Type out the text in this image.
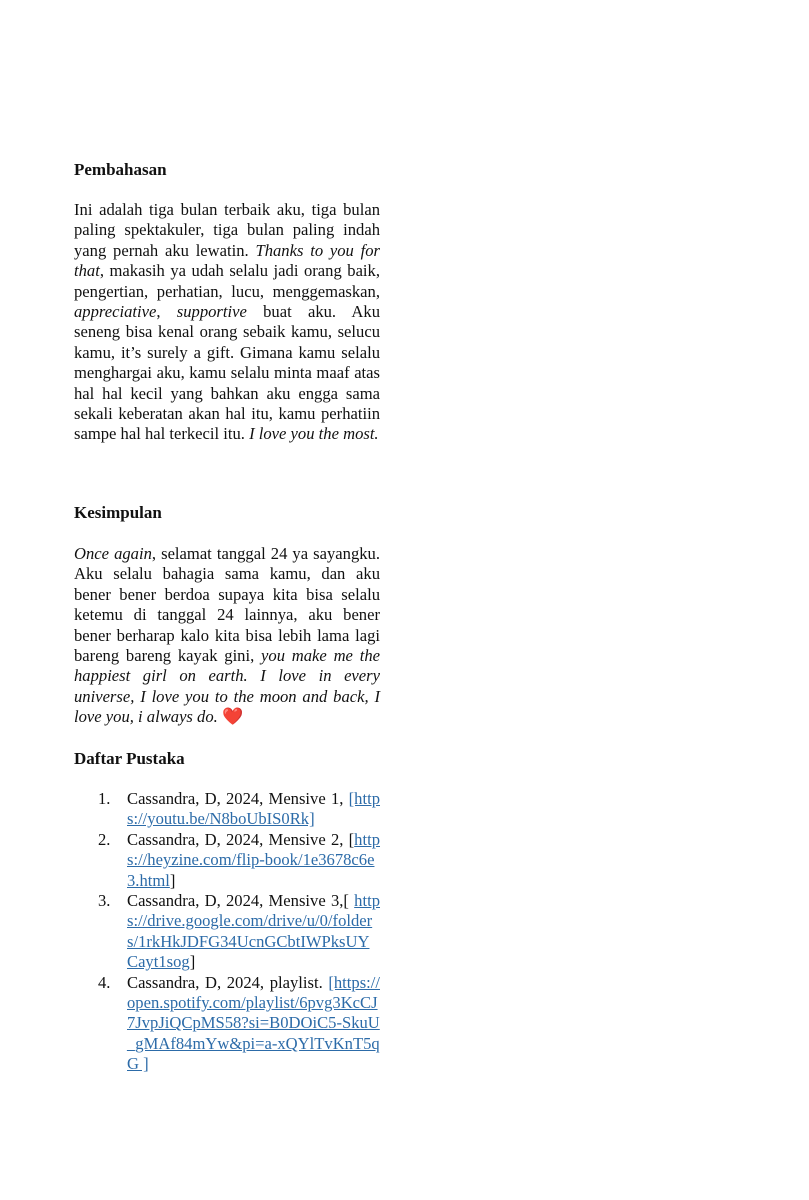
Pembahasan

Ini adalah tiga bulan terbaik aku, tiga bulan paling spektakuler, tiga bulan paling indah yang pernah aku lewatin. Thanks to you for that, makasih ya udah selalu jadi orang baik, pengertian, perhatian, lucu, menggemaskan, appreciative, supportive buat aku. Aku seneng bisa kenal orang sebaik kamu, selucu kamu, it’s surely a gift. Gimana kamu selalu menghargai aku, kamu selalu minta maaf atas hal hal kecil yang bahkan aku engga sama sekali keberatan akan hal itu, kamu perhatiin sampe hal hal terkecil itu. I love you the most.

Kesimpulan

Once again, selamat tanggal 24 ya sayangku. Aku selalu bahagia sama kamu, dan aku bener bener berdoa supaya kita bisa selalu ketemu di tanggal 24 lainnya, aku bener bener berharap kalo kita bisa lebih lama lagi bareng bareng kayak gini, you make me the happiest girl on earth. I love in every universe, I love you to the moon and back, I love you, i always do. ❤️

Daftar Pustaka
1. Cassandra, D, 2024, Mensive 1, [https://youtu.be/N8boUbIS0Rk]
2. Cassandra, D, 2024, Mensive 2, [https://heyzine.com/flip-book/1e3678c6e3.html]
3. Cassandra, D, 2024, Mensive 3,[ https://drive.google.com/drive/u/0/folders/1rkHkJDFG34UcnGCbtIWPksUYCayt1sog]
4. Cassandra, D, 2024, playlist. [https://open.spotify.com/playlist/6pvg3KcCJ7JvpJiQCpMS58?si=B0DOiC5-SkuU_gMAf84mYw&pi=a-xQYlTvKnT5qG ]
